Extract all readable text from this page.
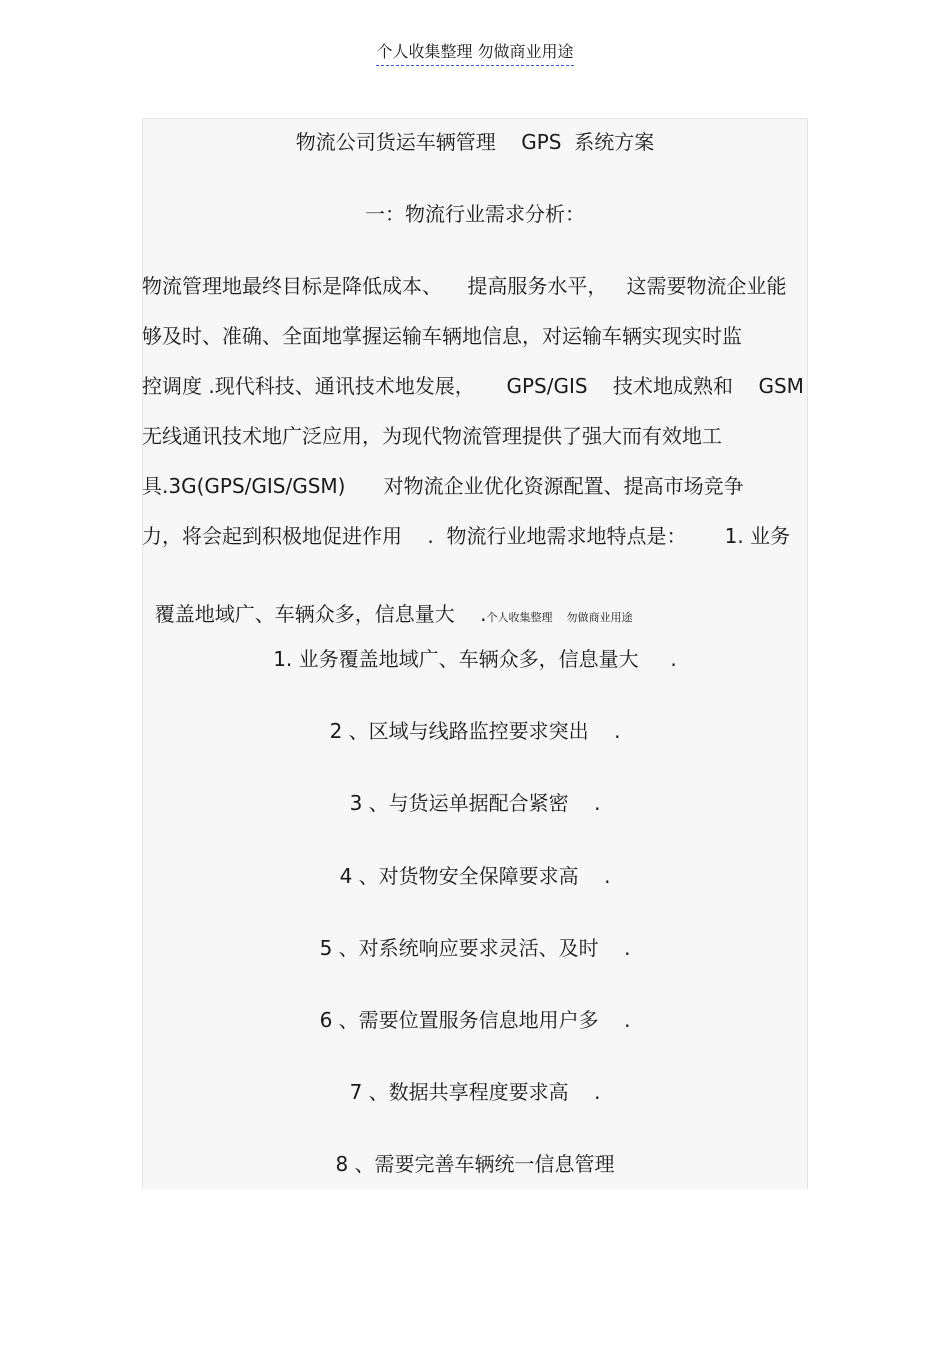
个人收集整理 勿做商业用途
物流公司货运车辆管理    GPS  系统方案
一：物流行业需求分析：
物流管理地最终目标是降低成本、    提高服务水平，   这需要物流企业能
够及时、准确、全面地掌握运输车辆地信息，对运输车辆实现实时监
控调度 .现代科技、通讯技术地发展，     GPS/GIS    技术地成熟和    GSM
无线通讯技术地广泛应用，为现代物流管理提供了强大而有效地工
具.3G(GPS/GIS/GSM)      对物流企业优化资源配置、提高市场竞争
力，将会起到积极地促进作用    .  物流行业地需求地特点是：      1. 业务

覆盖地域广、车辆众多，信息量大    .个人收集整理    勿做商业用途

1. 业务覆盖地域广、车辆众多，信息量大     .
2 、区域与线路监控要求突出    .
3 、与货运单据配合紧密    .
4 、对货物安全保障要求高    .
5 、对系统响应要求灵活、及时    .
6 、需要位置服务信息地用户多    .
7 、数据共享程度要求高    .
8 、需要完善车辆统一信息管理
